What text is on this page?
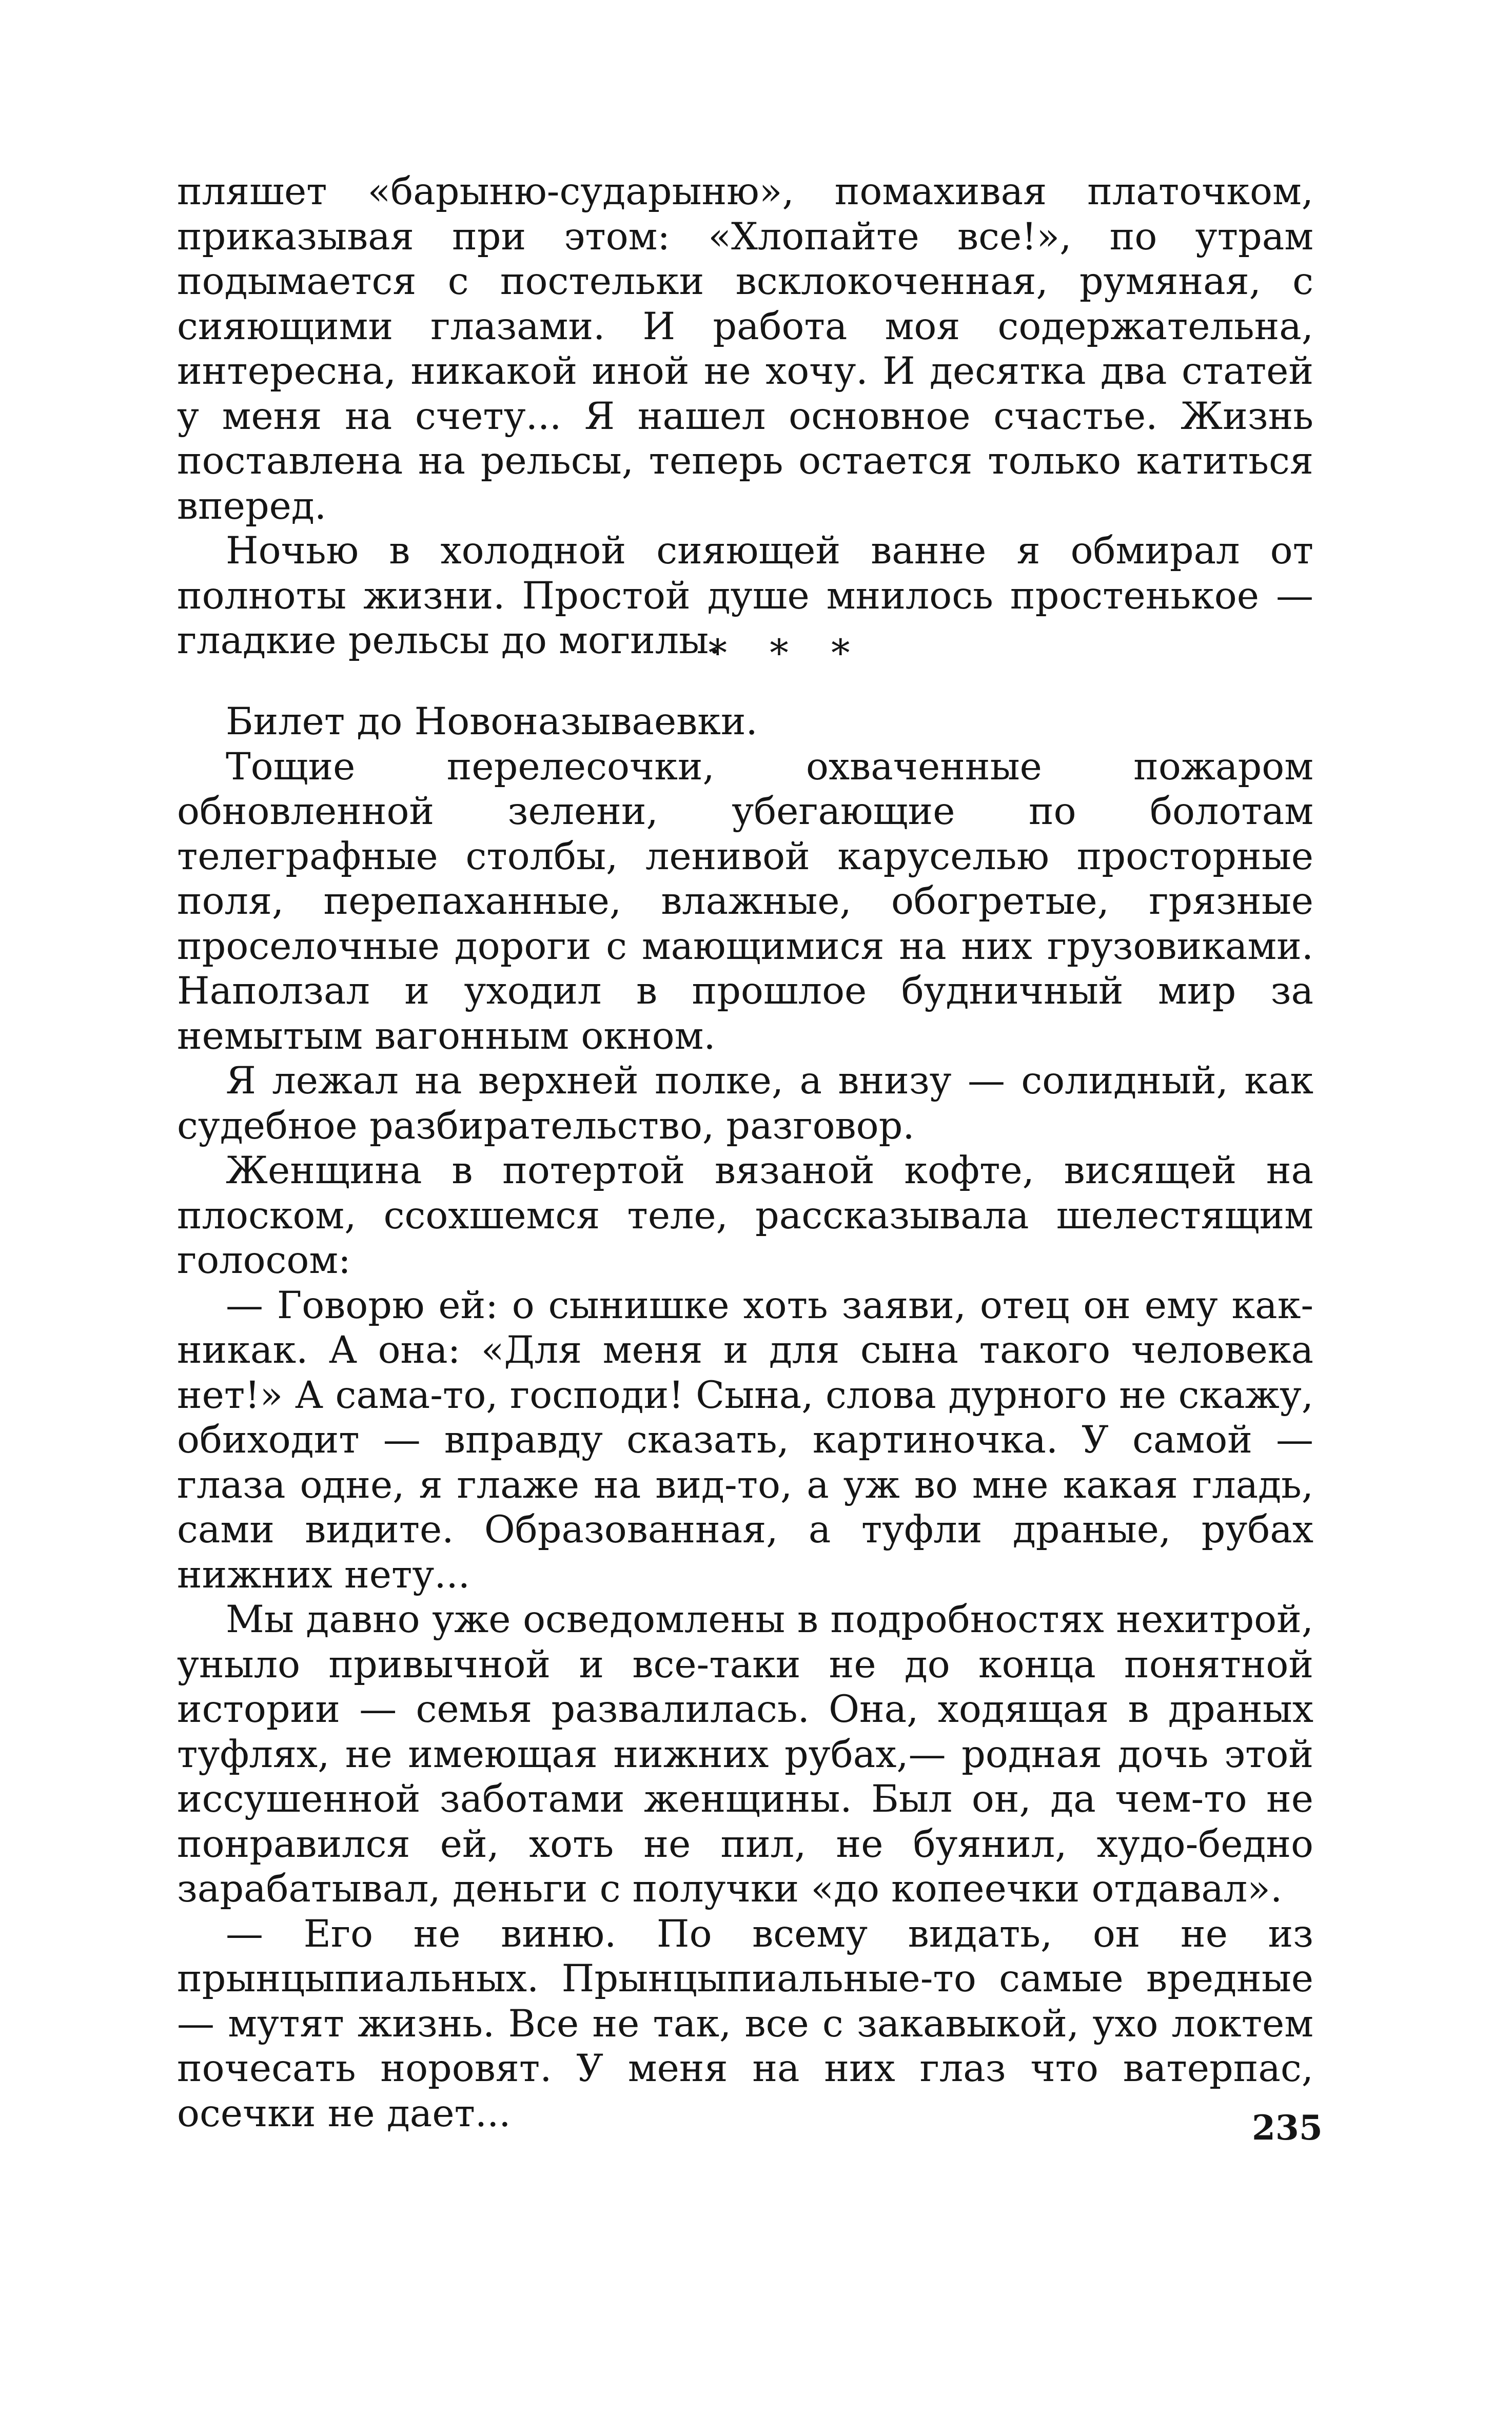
пляшет «барыню-сударыню», помахивая платочком, приказывая при этом: «Хлопайте все!», по утрам подымается с постельки всклокоченная, румяная, с сияющими глазами. И работа моя содержательна, интересна, никакой иной не хочу. И десятка два статей у меня на счету... Я нашел основное счастье. Жизнь поставлена на рельсы, теперь остается только катиться вперед.

Ночью в холодной сияющей ванне я обмирал от полноты жизни. Простой душе мнилось простенькое — гладкие рельсы до могилы.

* * *

Билет до Новоназываевки.

Тощие перелесочки, охваченные пожаром обновленной зелени, убегающие по болотам телеграфные столбы, ленивой каруселью просторные поля, перепаханные, влажные, обогретые, грязные проселочные дороги с мающимися на них грузовиками. Наползал и уходил в прошлое будничный мир за немытым вагонным окном.

Я лежал на верхней полке, а внизу — солидный, как судебное разбирательство, разговор.

Женщина в потертой вязаной кофте, висящей на плоском, ссохшемся теле, рассказывала шелестящим голосом:

— Говорю ей: о сынишке хоть заяви, отец он ему как-никак. А она: «Для меня и для сына такого человека нет!» А сама-то, господи! Сына, слова дурного не скажу, обиходит — вправду сказать, картиночка. У самой — глаза одне, я глаже на вид-то, а уж во мне какая гладь, сами видите. Образованная, а туфли драные, рубах нижних нету...

Мы давно уже осведомлены в подробностях нехитрой, уныло привычной и все-таки не до конца понятной истории — семья развалилась. Она, ходящая в драных туфлях, не имеющая нижних рубах,— родная дочь этой иссушенной заботами женщины. Был он, да чем-то не понравился ей, хоть не пил, не буянил, худо-бедно зарабатывал, деньги с получки «до копеечки отдавал».

— Его не виню. По всему видать, он не из прынцыпиальных. Прынцыпиальные-то самые вредные — мутят жизнь. Все не так, все с закавыкой, ухо локтем почесать норовят. У меня на них глаз что ватерпас, осечки не дает...	235
